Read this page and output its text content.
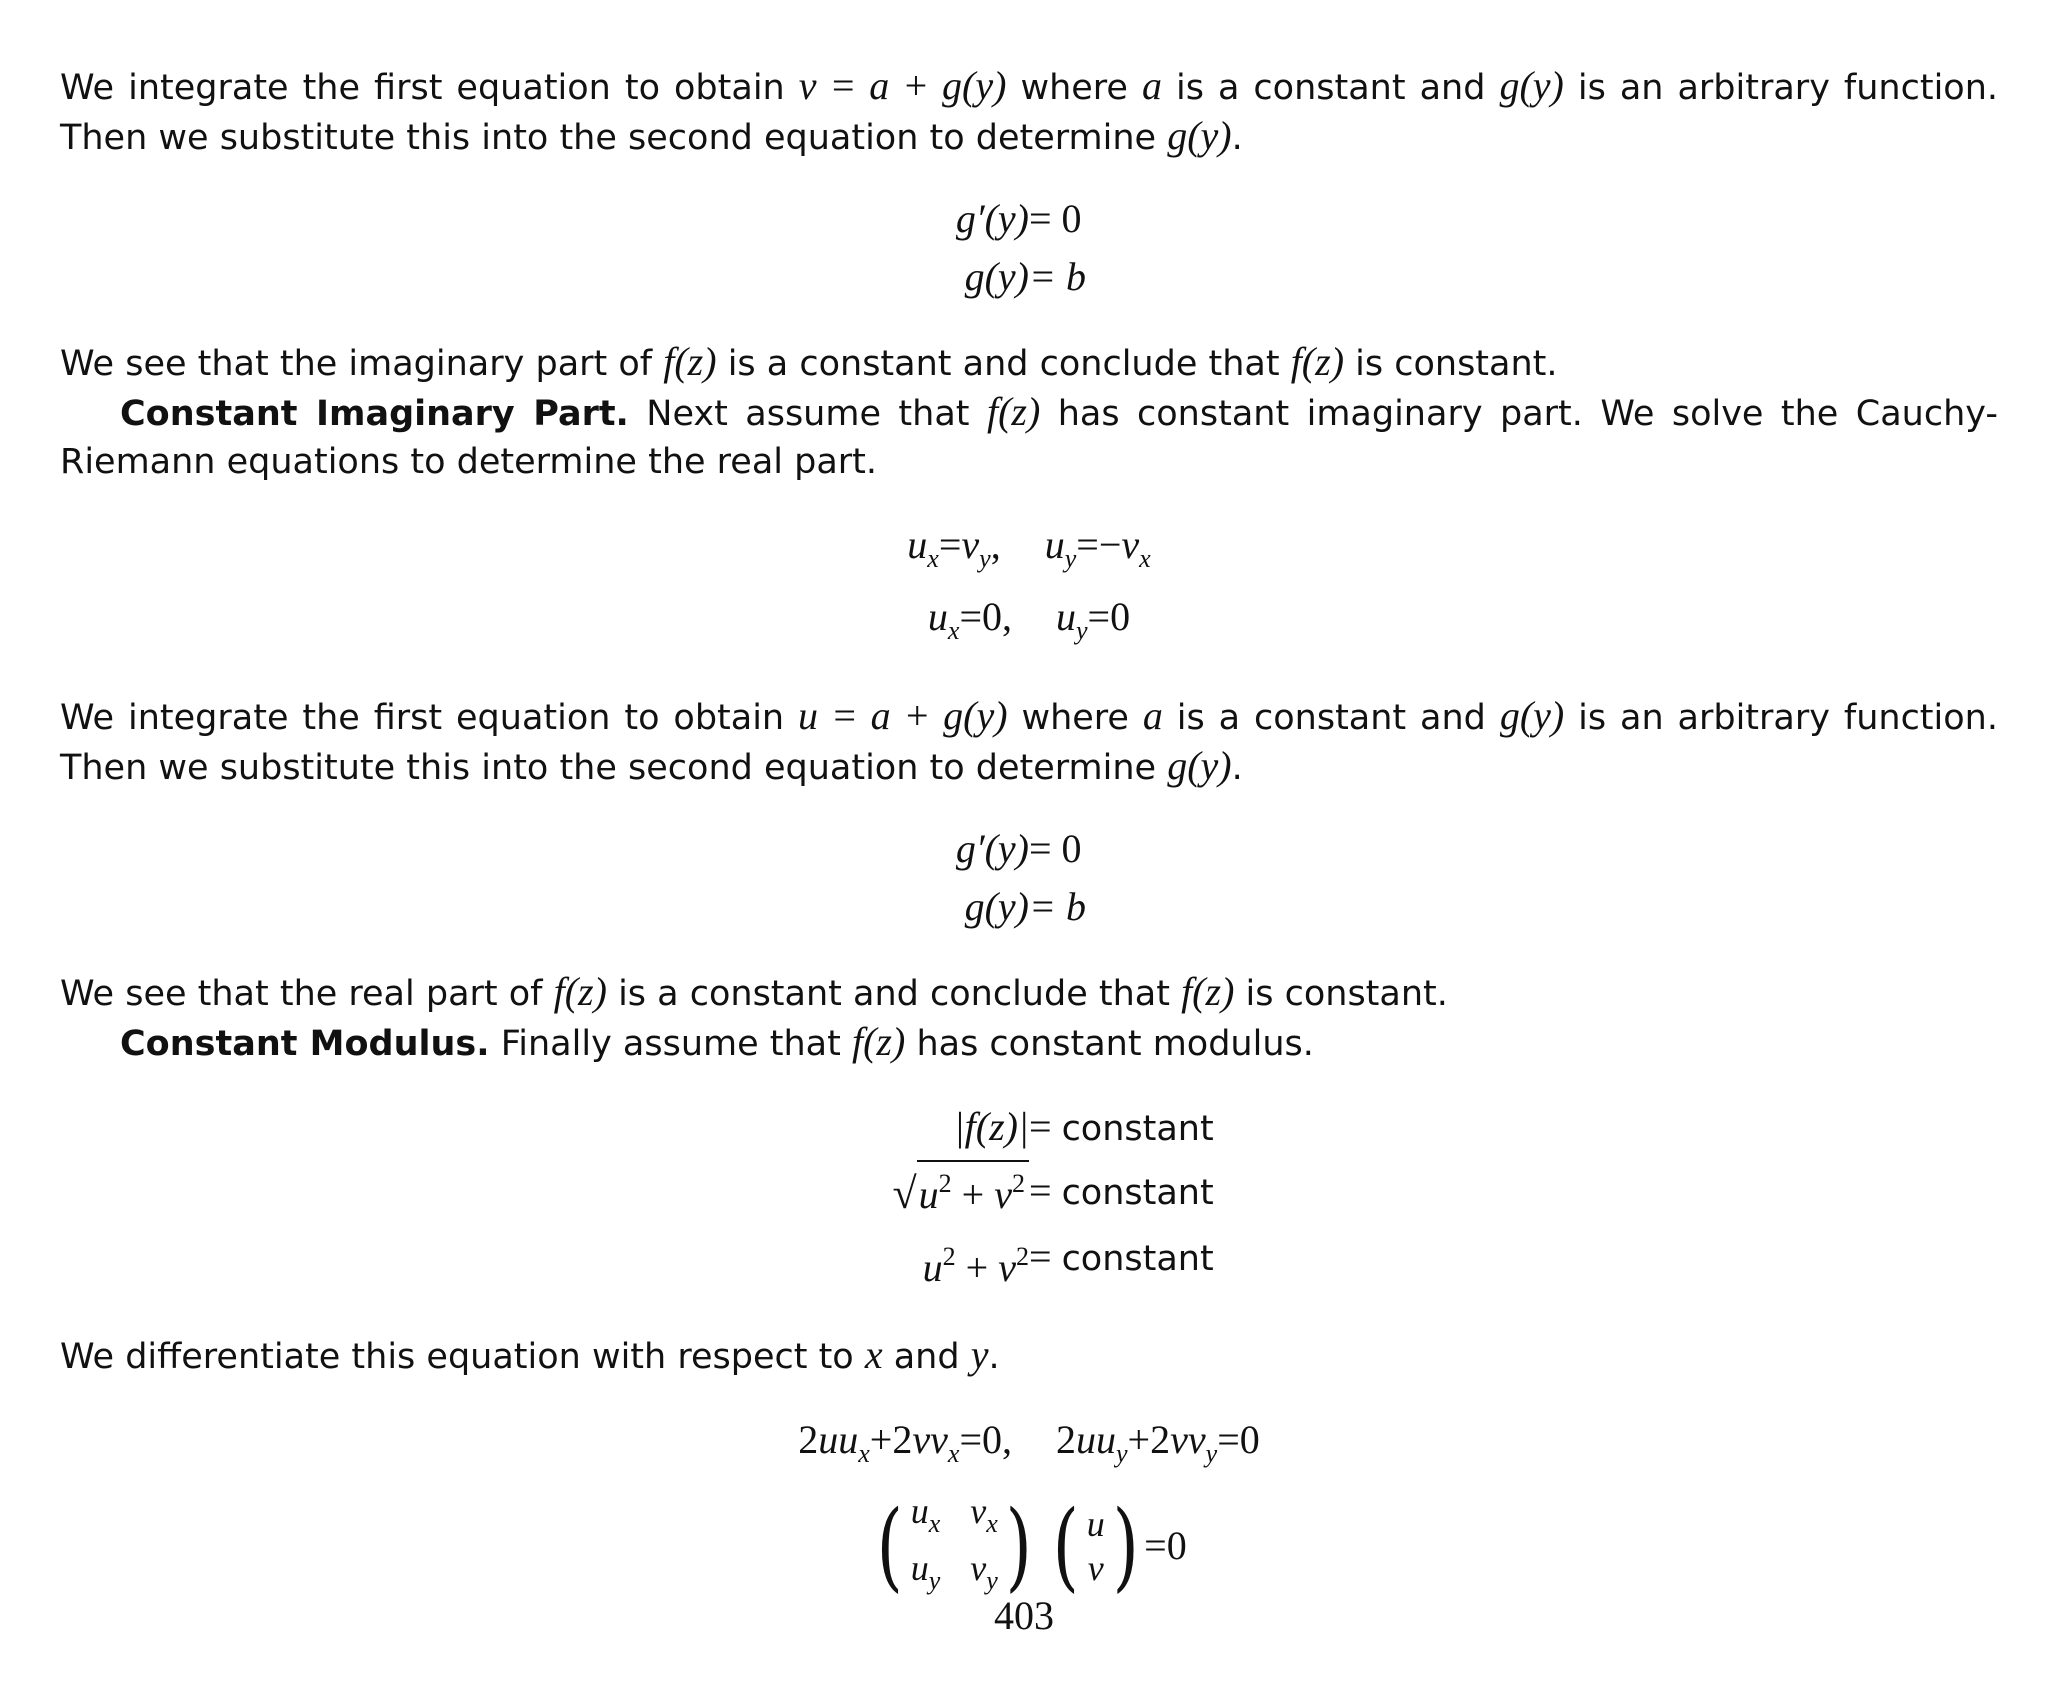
We integrate the first equation to obtain v = a + g(y) where a is a constant and g(y) is an arbitrary function. Then we substitute this into the second equation to determine g(y).

g′(y) = 0
g(y) = b

We see that the imaginary part of f(z) is a constant and conclude that f(z) is constant.

Constant Imaginary Part. Next assume that f(z) has constant imaginary part. We solve the Cauchy-Riemann equations to determine the real part.

$u_x = v_y$ , $u_y$ = − $v_x$
$u_x = 0$ , $u_y = 0$

We integrate the first equation to obtain u = a + g(y) where a is a constant and g(y) is an arbitrary function. Then we substitute this into the second equation to determine g(y).

g′(y) = 0
g(y) = b

We see that the real part of f(z) is a constant and conclude that f(z) is constant.

Constant Modulus. Finally assume that f(z) has constant modulus.

|f(z)| = constant
$√u^2 + v^2$ = constant
$u^2 + v^2$ = constant

We differentiate this equation with respect to x and y.

2 $uu_x + 2$ $vv_x = 0$ , 2 $uu_y + 2$ $vv_y = 0$
( $u_x$ $v_x$
$u_y$ $v_y$ ) ( u
v ) = 0
403
